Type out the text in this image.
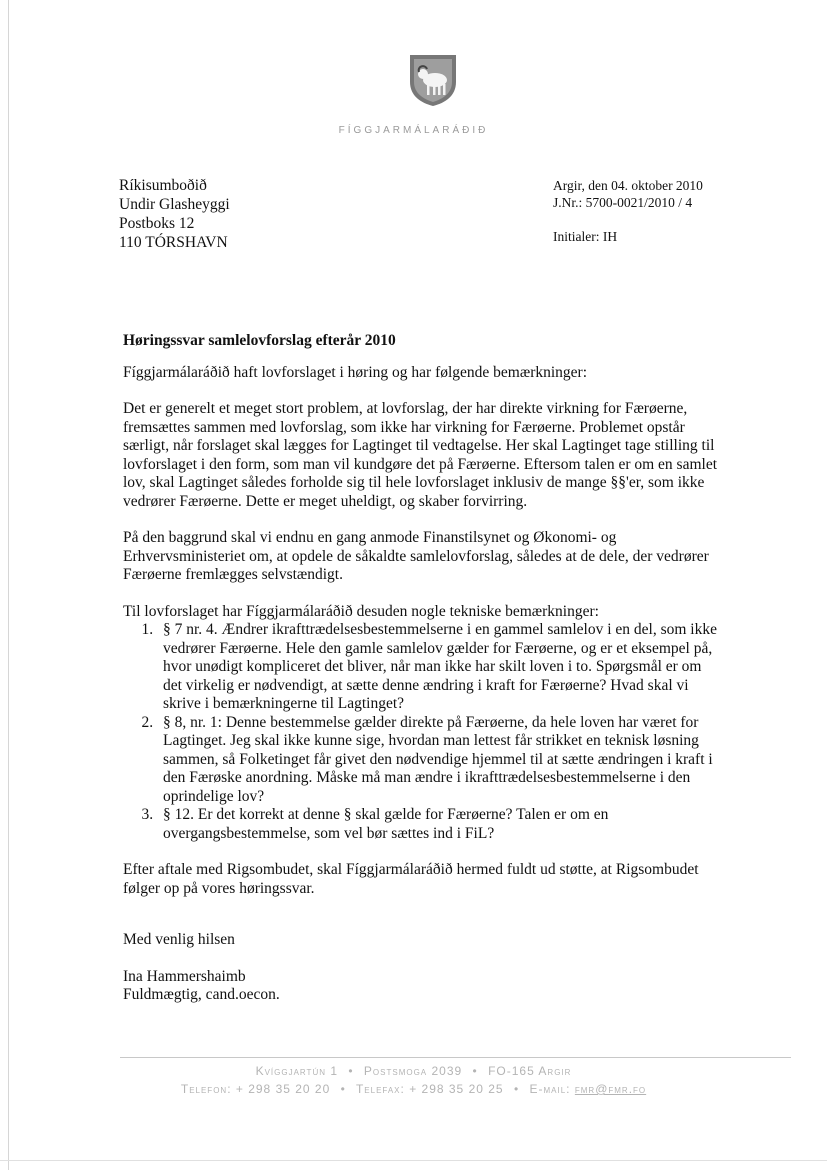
FÍGGJARMÁLARÁÐIÐ
Ríkisumboðið
Undir Glasheyggi
Postboks 12
110 TÓRSHAVN
Argir, den 04. oktober 2010
J.Nr.: 5700-0021/2010 / 4
Initialer: IH

Høringssvar samlelovforslag efterår 2010

Fíggjarmálaráðið haft lovforslaget i høring og har følgende bemærkninger:

Det er generelt et meget stort problem, at lovforslag, der har direkte virkning for Færøerne, fremsættes sammen med lovforslag, som ikke har virkning for Færøerne. Problemet opstår særligt, når forslaget skal lægges for Lagtinget til vedtagelse. Her skal Lagtinget tage stilling til lovforslaget i den form, som man vil kundgøre det på Færøerne. Eftersom talen er om en samlet lov, skal Lagtinget således forholde sig til hele lovforslaget inklusiv de mange §§'er, som ikke vedrører Færøerne. Dette er meget uheldigt, og skaber forvirring.

På den baggrund skal vi endnu en gang anmode Finanstilsynet og Økonomi- og Erhvervsministeriet om, at opdele de såkaldte samlelovforslag, således at de dele, der vedrører Færøerne fremlægges selvstændigt.

Til lovforslaget har Fíggjarmálaráðið desuden nogle tekniske bemærkninger:

1. § 7 nr. 4. Ændrer ikrafttrædelsesbestemmelserne i en gammel samlelov i en del, som ikke vedrører Færøerne. Hele den gamle samlelov gælder for Færøerne, og er et eksempel på, hvor unødigt kompliceret det bliver, når man ikke har skilt loven i to. Spørgsmål er om det virkelig er nødvendigt, at sætte denne ændring i kraft for Færøerne? Hvad skal vi skrive i bemærkningerne til Lagtinget?
2. § 8, nr. 1: Denne bestemmelse gælder direkte på Færøerne, da hele loven har været for Lagtinget. Jeg skal ikke kunne sige, hvordan man lettest får strikket en teknisk løsning sammen, så Folketinget får givet den nødvendige hjemmel til at sætte ændringen i kraft i den Færøske anordning. Måske må man ændre i ikrafttrædelsesbestemmelserne i den oprindelige lov?
3. § 12. Er det korrekt at denne § skal gælde for Færøerne? Talen er om en overgangsbestemmelse, som vel bør sættes ind i FiL?

Efter aftale med Rigsombudet, skal Fíggjarmálaráðið hermed fuldt ud støtte, at Rigsombudet følger op på vores høringssvar.

Med venlig hilsen
Ina Hammershaimb
Fuldmægtig, cand.oecon.
Kvíggjartún 1 • Postsmoga 2039 • FO-165 Argir
Telefon: + 298 35 20 20 • Telefax: + 298 35 20 25 • E-mail: fmr@fmr.fo
